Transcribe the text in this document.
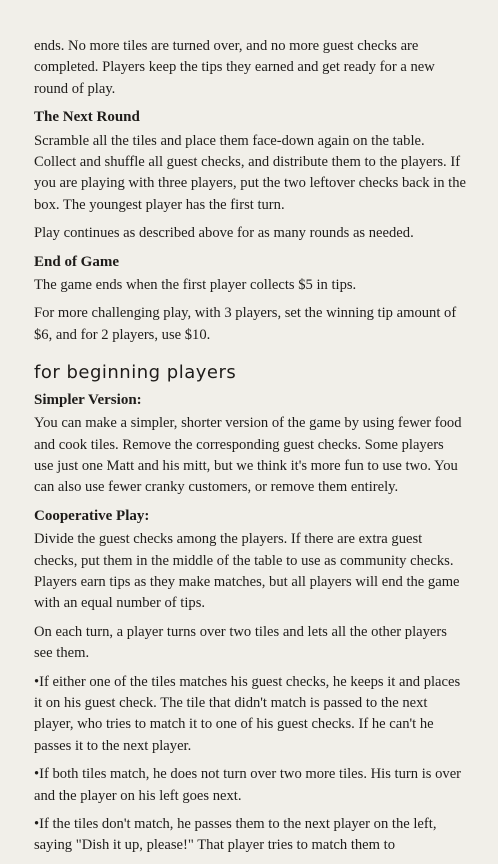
ends. No more tiles are turned over, and no more guest checks are completed. Players keep the tips they earned and get ready for a new round of play.

The Next Round

Scramble all the tiles and place them face-down again on the table. Collect and shuffle all guest checks, and distribute them to the players. If you are playing with three players, put the two leftover checks back in the box. The youngest player has the first turn.

Play continues as described above for as many rounds as needed.

End of Game

The game ends when the first player collects $5 in tips.

For more challenging play, with 3 players, set the winning tip amount of $6, and for 2 players, use $10.

for beginning players
Simpler Version:

You can make a simpler, shorter version of the game by using fewer food and cook tiles. Remove the corresponding guest checks. Some players use just one Matt and his mitt, but we think it's more fun to use two. You can also use fewer cranky customers, or remove them entirely.

Cooperative Play:

Divide the guest checks among the players. If there are extra guest checks, put them in the middle of the table to use as community checks. Players earn tips as they make matches, but all players will end the game with an equal number of tips.

On each turn, a player turns over two tiles and lets all the other players see them.

•If either one of the tiles matches his guest checks, he keeps it and places it on his guest check. The tile that didn't match is passed to the next player, who tries to match it to one of his guest checks. If he can't he passes it to the next player.

•If both tiles match, he does not turn over two more tiles. His turn is over and the player on his left goes next.

•If the tiles don't match, he passes them to the next player on the left, saying "Dish it up, please!" That player tries to match them to
